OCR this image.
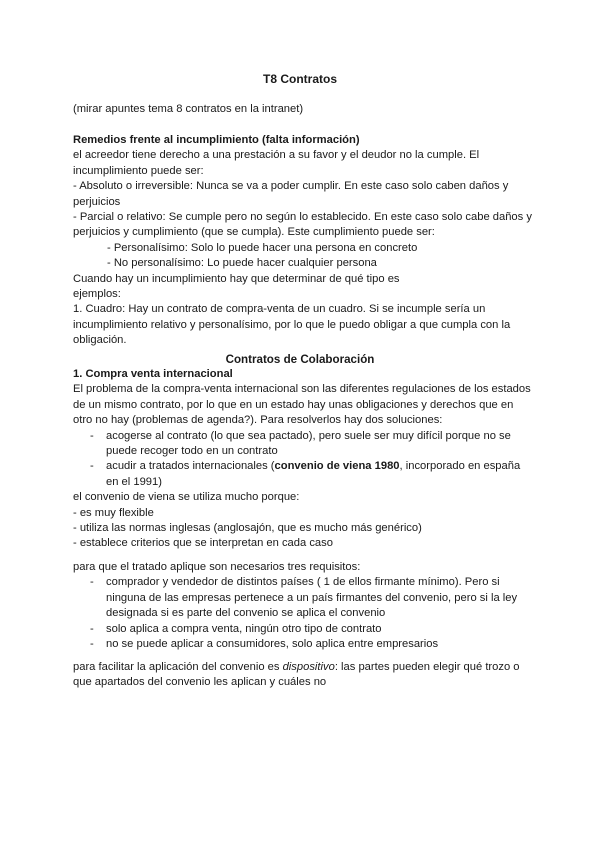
T8 Contratos

(mirar apuntes tema 8 contratos en la intranet)

Remedios frente al incumplimiento (falta información)

el acreedor tiene derecho a una prestación a su favor y el deudor no la cumple. El incumplimiento puede ser:

- Absoluto o irreversible: Nunca se va a poder cumplir. En este caso solo caben daños y perjuicios

- Parcial o relativo: Se cumple pero no según lo establecido. En este caso solo cabe daños y perjuicios y cumplimiento (que se cumpla). Este cumplimiento puede ser:

- Personalísimo: Solo lo puede hacer una persona en concreto

- No personalísimo: Lo puede hacer cualquier persona

Cuando hay un incumplimiento hay que determinar de qué tipo es

ejemplos:

1. Cuadro: Hay un contrato de compra-venta de un cuadro. Si se incumple sería un incumplimiento relativo y personalísimo, por lo que le puedo obligar a que cumpla con la obligación.

Contratos de Colaboración

1. Compra venta internacional

El problema de la compra-venta internacional son las diferentes regulaciones de los estados de un mismo contrato, por lo que en un estado hay unas obligaciones y derechos que en otro no hay (problemas de agenda?). Para resolverlos hay dos soluciones:

- acogerse al contrato (lo que sea pactado), pero suele ser muy difícil porque no se puede recoger todo en un contrato
- acudir a tratados internacionales (convenio de viena 1980, incorporado en españa en el 1991)

el convenio de viena se utiliza mucho porque:

- es muy flexible

- utiliza las normas inglesas (anglosajón, que es mucho más genérico)

- establece criterios que se interpretan en cada caso

para que el tratado aplique son necesarios tres requisitos:

- comprador y vendedor de distintos países ( 1 de ellos firmante mínimo). Pero si ninguna de las empresas pertenece a un país firmantes del convenio, pero si la ley designada si es parte del convenio se aplica el convenio
- solo aplica a compra venta, ningún otro tipo de contrato
- no se puede aplicar a consumidores, solo aplica entre empresarios

para facilitar la aplicación del convenio es dispositivo: las partes pueden elegir qué trozo o que apartados del convenio les aplican y cuáles no
